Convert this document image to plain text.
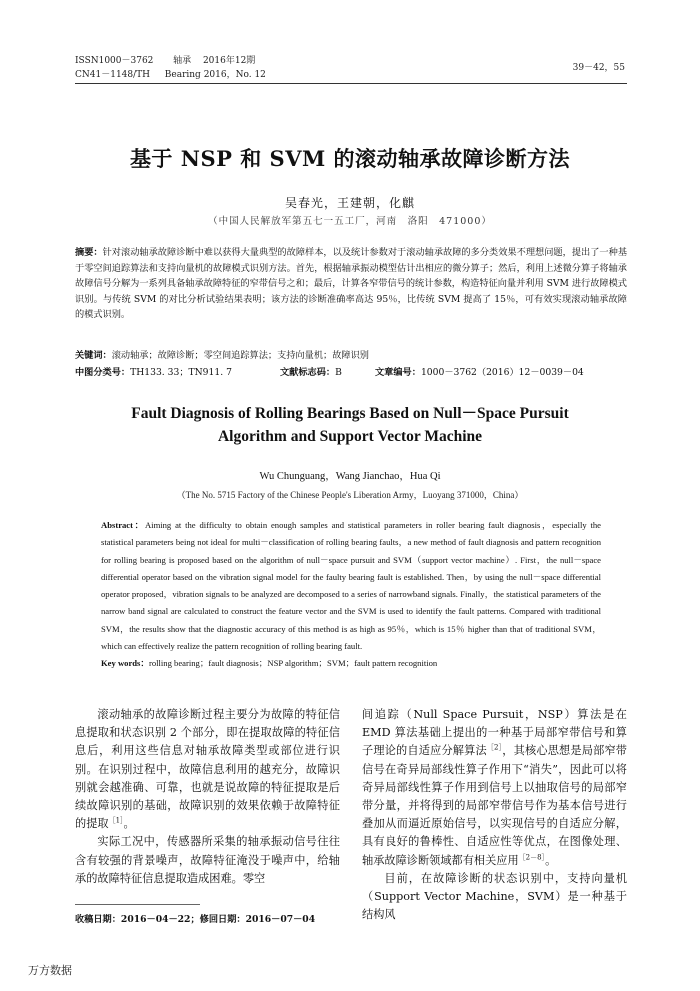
ISSN1000－3762 轴承 2016年12期
CN41－1148/TH Bearing 2016，No. 12
39－42，55
基于 NSP 和 SVM 的滚动轴承故障诊断方法
吴春光，王建朝，化麒
（中国人民解放军第五七一五工厂，河南　洛阳　471000）
摘要：针对滚动轴承故障诊断中难以获得大量典型的故障样本，以及统计参数对于滚动轴承故障的多分类效果不理想问题，提出了一种基于零空间追踪算法和支持向量机的故障模式识别方法。首先，根据轴承振动模型估计出相应的微分算子；然后，利用上述微分算子将轴承故障信号分解为一系列具备轴承故障特征的窄带信号之和；最后，计算各窄带信号的统计参数，构造特征向量并利用 SVM 进行故障模式识别。与传统 SVM 的对比分析试验结果表明；该方法的诊断准确率高达 95％，比传统 SVM 提高了 15％，可有效实现滚动轴承故障的模式识别。
关键词：滚动轴承；故障诊断；零空间追踪算法；支持向量机；故障识别
中图分类号：TH133. 33；TN911. 7	文献标志码：B	文章编号：1000－3762（2016）12－0039－04
Fault Diagnosis of Rolling Bearings Based on Null－Space Pursuit Algorithm and Support Vector Machine
Wu Chunguang，Wang Jianchao，Hua Qi
（The No. 5715 Factory of the Chinese People's Liberation Army，Luoyang 371000，China）
Abstract：Aiming at the difficulty to obtain enough samples and statistical parameters in roller bearing fault diagnosis，especially the statistical parameters being not ideal for multi－classification of rolling bearing faults，a new method of fault diagnosis and pattern recognition for rolling bearing is proposed based on the algorithm of null－space pursuit and SVM（support vector machine）. First，the null－space differential operator based on the vibration signal model for the faulty bearing fault is established. Then，by using the null－space differential operator proposed，vibration signals to be analyzed are decomposed to a series of narrowband signals. Finally，the statistical parameters of the narrow band signal are calculated to construct the feature vector and the SVM is used to identify the fault patterns. Compared with traditional SVM，the results show that the diagnostic accuracy of this method is as high as 95％，which is 15％ higher than that of traditional SVM，which can effectively realize the pattern recognition of rolling bearing fault.
Key words：rolling bearing；fault diagnosis；NSP algorithm；SVM；fault pattern recognition

滚动轴承的故障诊断过程主要分为故障的特征信息提取和状态识别 2 个部分，即在提取故障的特征信息后，利用这些信息对轴承故障类型或部位进行识别。在识别过程中，故障信息利用的越充分，故障识别就会越准确、可靠，也就是说故障的特征提取是后续故障识别的基础，故障识别的效果依赖于故障特征的提取$^{[1]}$。

实际工况中，传感器所采集的轴承振动信号往往含有较强的背景噪声，故障特征淹没于噪声中，给轴承的故障特征信息提取造成困难。零空

间追踪（Null Space Pursuit，NSP）算法是在 EMD 算法基础上提出的一种基于局部窄带信号和算子理论的自适应分解算法$^{[2]}$，其核心思想是局部窄带信号在奇异局部线性算子作用下“消失”，因此可以将奇异局部线性算子作用到信号上以抽取信号的局部窄带分量，并将得到的局部窄带信号作为基本信号进行叠加从而逼近原始信号，以实现信号的自适应分解，具有良好的鲁棒性、自适应性等优点，在图像处理、轴承故障诊断领域都有相关应用$^{[2-8]}$。

目前，在故障诊断的状态识别中，支持向量机（Support Vector Machine，SVM）是一种基于结构风

收稿日期：2016－04－22；修回日期：2016－07－04
万方数据
